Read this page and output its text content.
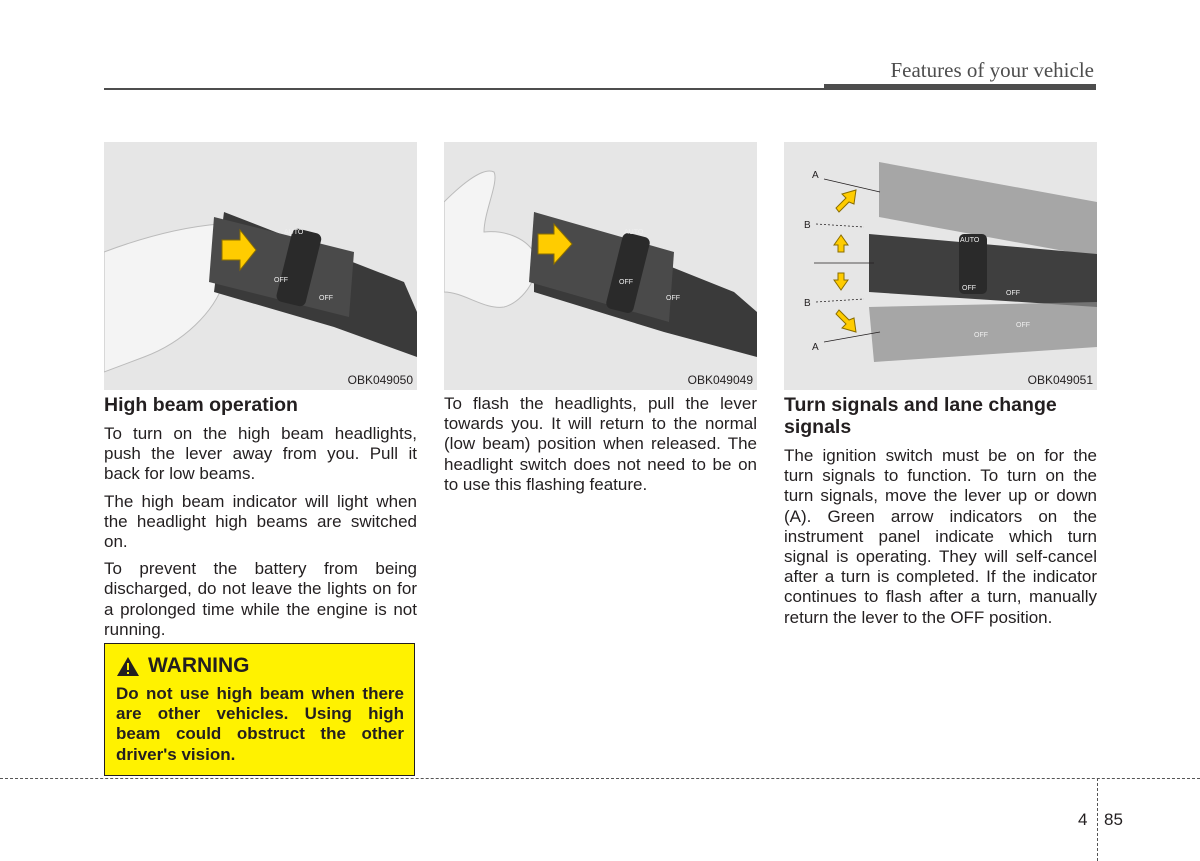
Features of your vehicle
AUTO
OFF
OFF
OBK049050
AUTO
OFF
OFF
OBK049049
A
B
B
A
AUTO
OFF
OFF
OFF
OFF
OBK049051
High beam operation

To turn on the high beam headlights, push the lever away from you. Pull it back for low beams.

The high beam indicator will light when the headlight high beams are switched on.

To prevent the battery from being discharged, do not leave the lights on for a prolonged time while the engine is not running.

WARNING
Do not use high beam when there are other vehicles. Using high beam could obstruct the other driver's vision.

To flash the headlights, pull the lever towards you. It will return to the normal (low beam) position when released. The headlight switch does not need to be on to use this flashing feature.

Turn signals and lane change signals

The ignition switch must be on for the turn signals to function. To turn on the turn signals, move the lever up or down (A). Green arrow indicators on the instrument panel indicate which turn signal is operating. They will self-cancel after a turn is completed. If the indicator continues to flash after a turn, manually return the lever to the OFF position.

4 85
